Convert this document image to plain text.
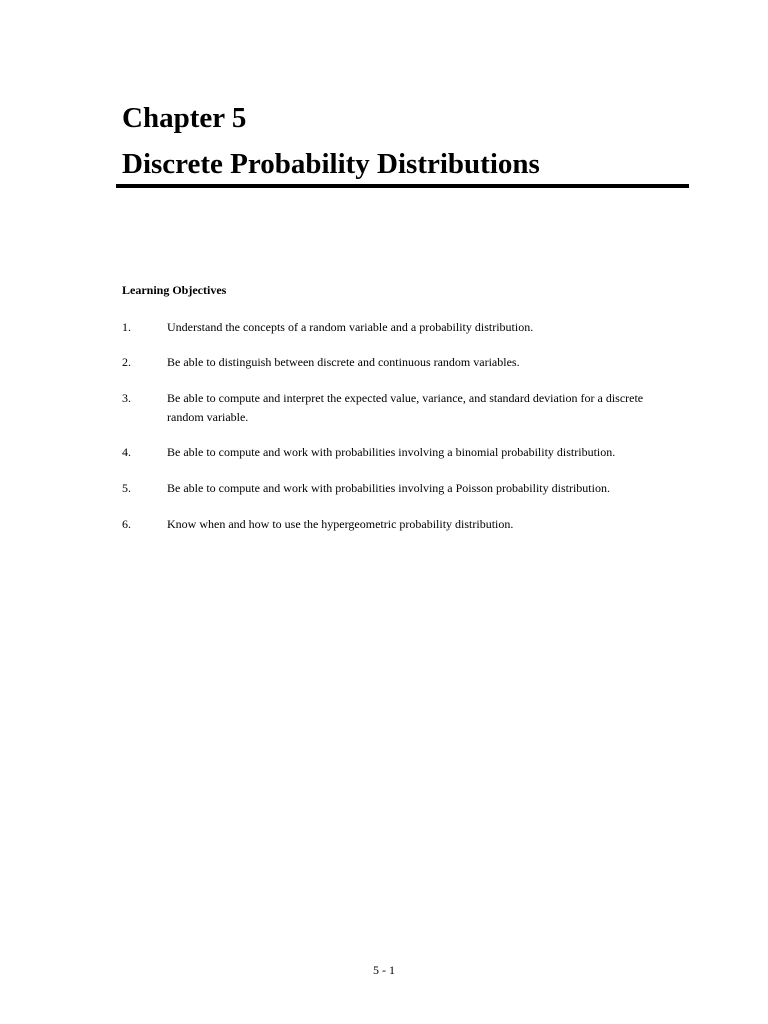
Chapter 5
Discrete Probability Distributions
Learning Objectives
1.	Understand the concepts of a random variable and a probability distribution.
2.	Be able to distinguish between discrete and continuous random variables.
3.	Be able to compute and interpret the expected value, variance, and standard deviation for a discrete random variable.
4.	Be able to compute and work with probabilities involving a binomial probability distribution.
5.	Be able to compute and work with probabilities involving a Poisson probability distribution.
6.	Know when and how to use the hypergeometric probability distribution.
5 - 1
